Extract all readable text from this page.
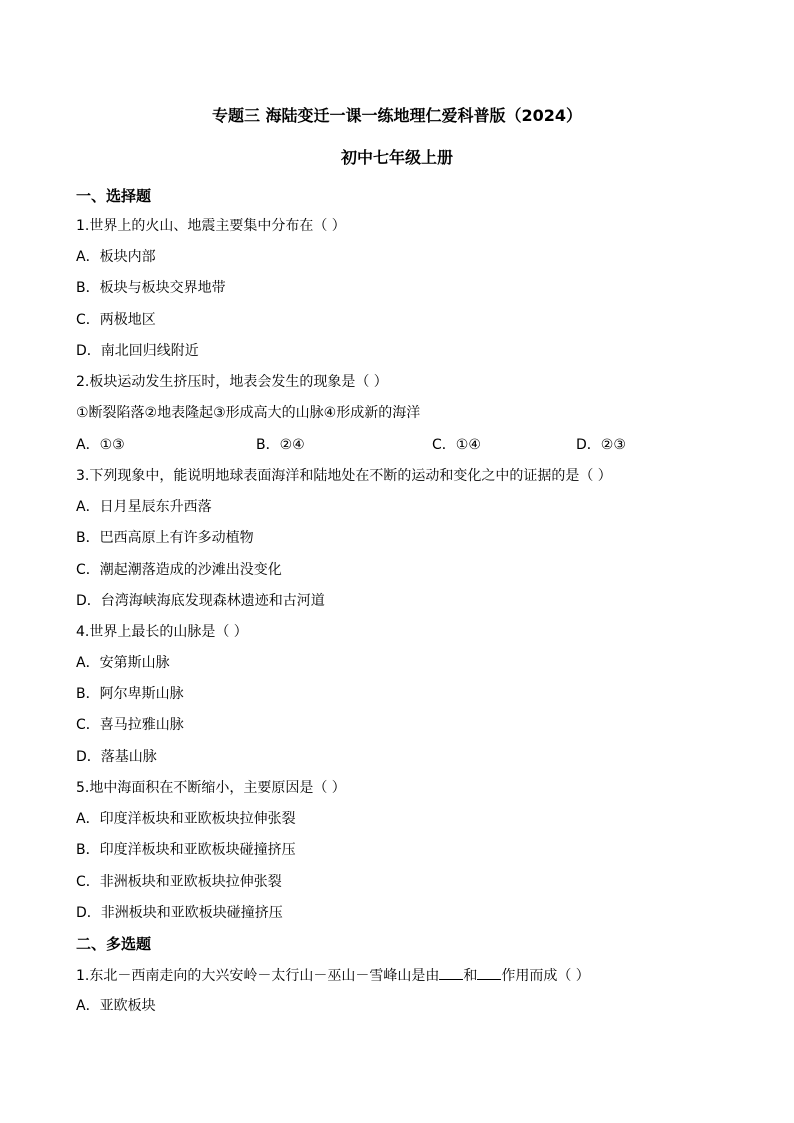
专题三 海陆变迁一课一练地理仁爱科普版（2024）
初中七年级上册
一、选择题
1.世界上的火山、地震主要集中分布在（ ）
A．板块内部
B．板块与板块交界地带
C．两极地区
D．南北回归线附近
2.板块运动发生挤压时，地表会发生的现象是（ ）
①断裂陷落②地表隆起③形成高大的山脉④形成新的海洋
A．①③	B．②④	C．①④	D．②③
3.下列现象中，能说明地球表面海洋和陆地处在不断的运动和变化之中的证据的是（ ）
A．日月星辰东升西落
B．巴西高原上有许多动植物
C．潮起潮落造成的沙滩出没变化
D．台湾海峡海底发现森林遗迹和古河道
4.世界上最长的山脉是（ ）
A．安第斯山脉
B．阿尔卑斯山脉
C．喜马拉雅山脉
D．落基山脉
5.地中海面积在不断缩小，主要原因是（ ）
A．印度洋板块和亚欧板块拉伸张裂
B．印度洋板块和亚欧板块碰撞挤压
C．非洲板块和亚欧板块拉伸张裂
D．非洲板块和亚欧板块碰撞挤压
二、多选题
1.东北－西南走向的大兴安岭－太行山－巫山－雪峰山是由 和 作用而成（ ）
A．亚欧板块
